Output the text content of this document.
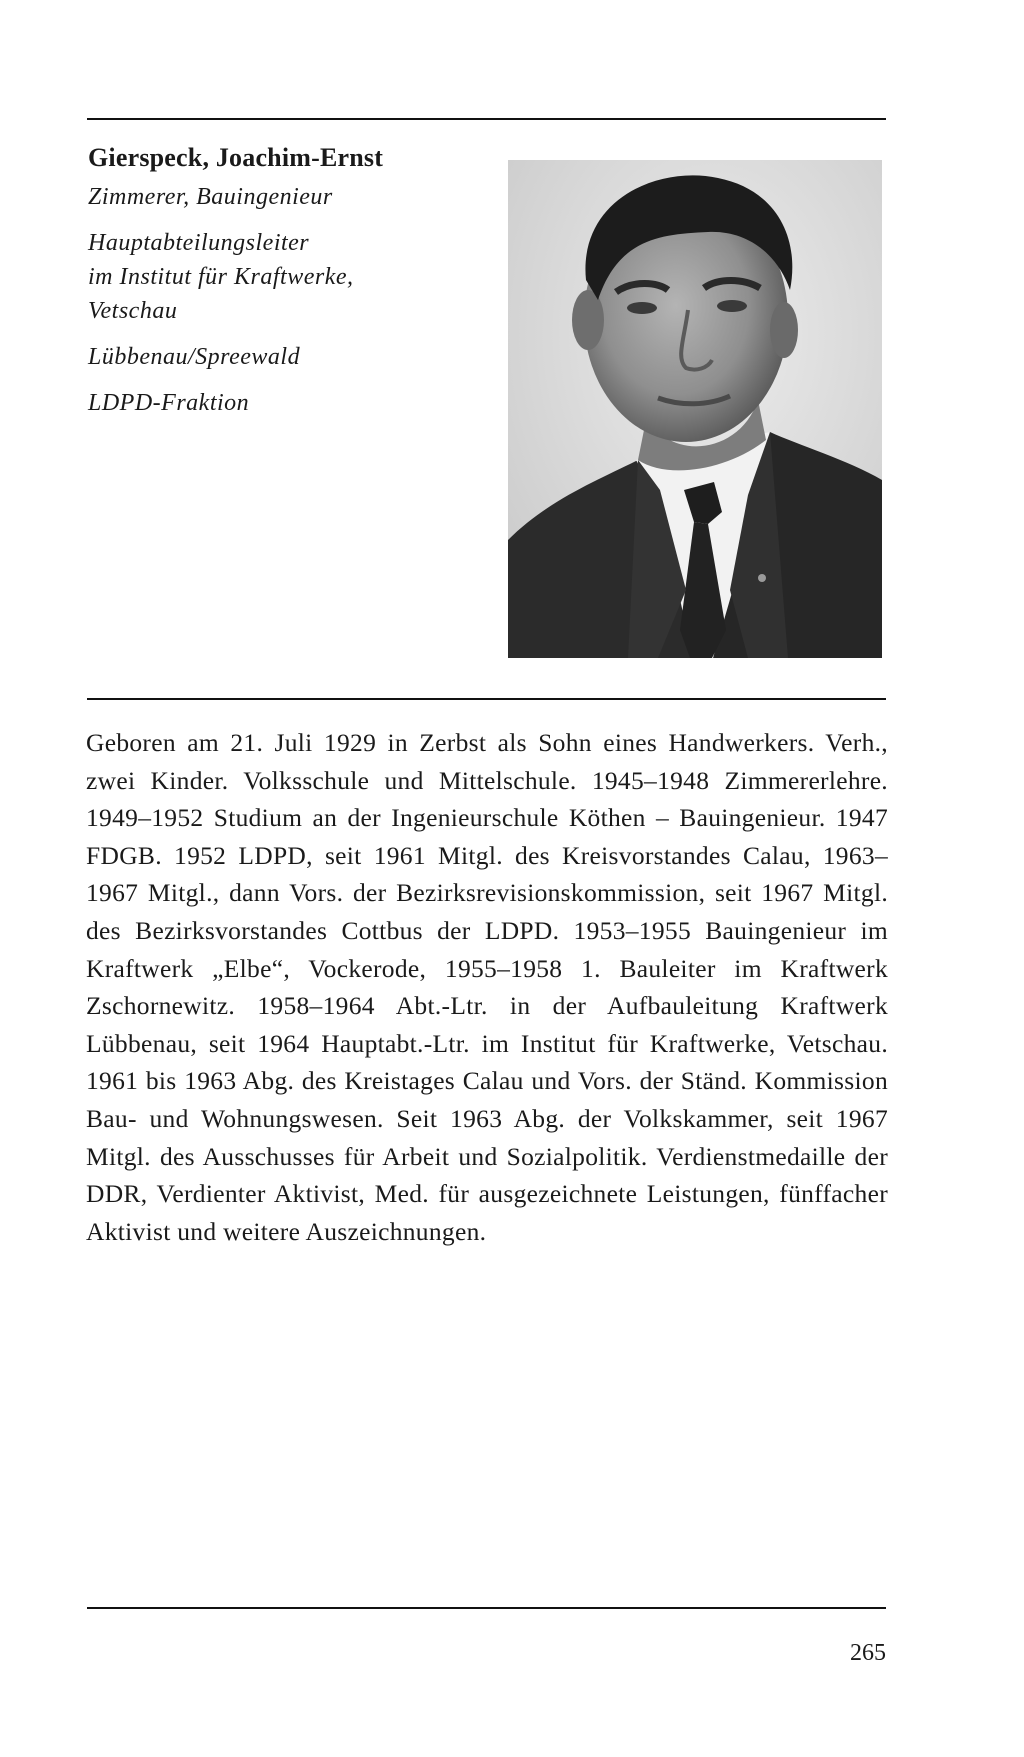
Gierspeck, Joachim-Ernst
Zimmerer, Bauingenieur
Hauptabteilungsleiter
im Institut für Kraftwerke,
Vetschau
Lübbenau/Spreewald
LDPD-Fraktion
Geboren am 21. Juli 1929 in Zerbst als Sohn eines Handwerkers. Verh., zwei Kinder. Volksschule und Mittelschule. 1945–1948 Zimmererlehre. 1949–1952 Studium an der Ingenieurschule Köthen – Bauingenieur. 1947 FDGB. 1952 LDPD, seit 1961 Mitgl. des Kreisvorstandes Calau, 1963–1967 Mitgl., dann Vors. der Bezirksrevisionskommission, seit 1967 Mitgl. des Bezirksvorstandes Cottbus der LDPD. 1953–1955 Bauingenieur im Kraftwerk „Elbe“, Vockerode, 1955–1958 1. Bauleiter im Kraftwerk Zschornewitz. 1958–1964 Abt.-Ltr. in der Aufbauleitung Kraftwerk Lübbenau, seit 1964 Hauptabt.-Ltr. im Institut für Kraftwerke, Vetschau. 1961 bis 1963 Abg. des Kreistages Calau und Vors. der Ständ. Kommission Bau- und Wohnungswesen. Seit 1963 Abg. der Volkskammer, seit 1967 Mitgl. des Ausschusses für Arbeit und Sozialpolitik. Verdienstmedaille der DDR, Verdienter Aktivist, Med. für ausgezeichnete Leistungen, fünffacher Aktivist und weitere Auszeichnungen.
265
